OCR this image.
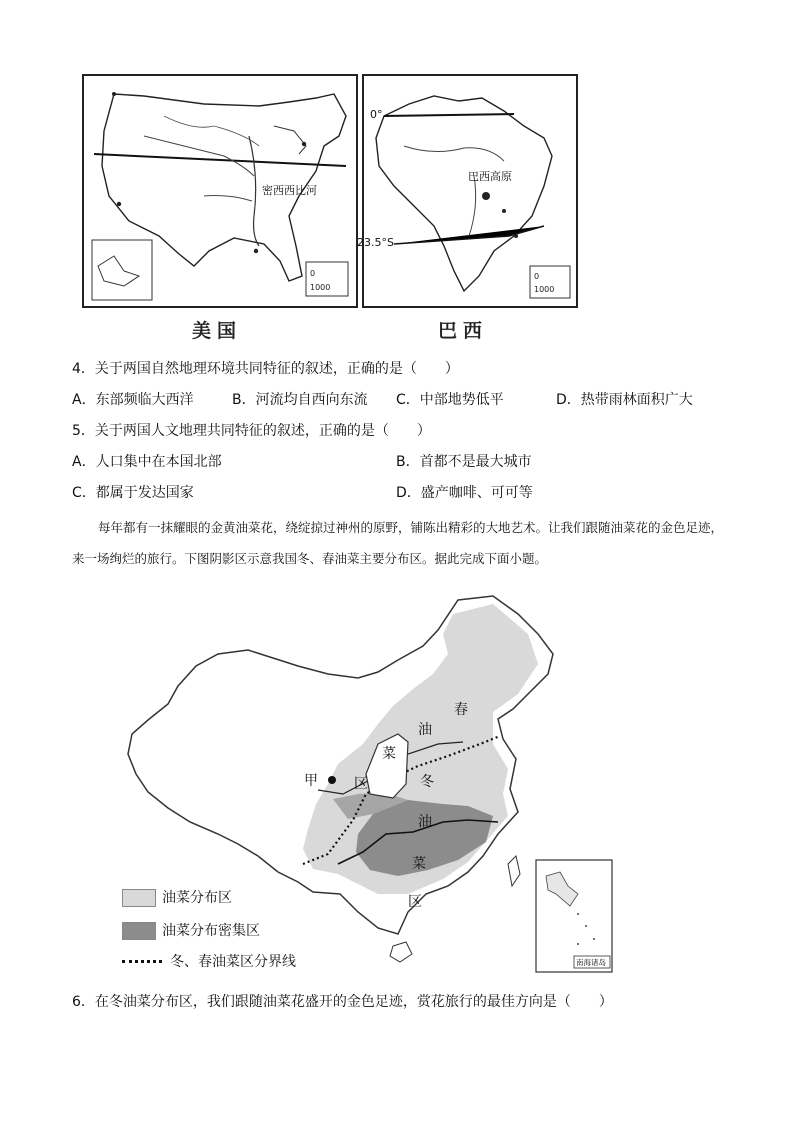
0
1000
密西西比河
美国
0
1000
0°
23.5°S
巴西高原
巴西
4．关于两国自然地理环境共同特征的叙述，正确的是（　　）
A．东部频临大西洋	B．河流均自西向东流 C．中部地势低平	D．热带雨林面积广大
5．关于两国人文地理共同特征的叙述，正确的是（　　）
A．人口集中在本国北部	B．首都不是最大城市
C．都属于发达国家	D．盛产咖啡、可可等
每年都有一抹耀眼的金黄油菜花，绕绽掠过神州的原野，铺陈出精彩的大地艺术。让我们跟随油菜花的金色足迹，来一场绚烂的旅行。下图阴影区示意我国冬、春油菜主要分布区。据此完成下面小题。
甲
春
油
菜
区	冬
油
菜
区
南海诸岛
油菜分布区
油菜分布密集区
冬、春油菜区分界线
6．在冬油菜分布区，我们跟随油菜花盛开的金色足迹，赏花旅行的最佳方向是（　　）
